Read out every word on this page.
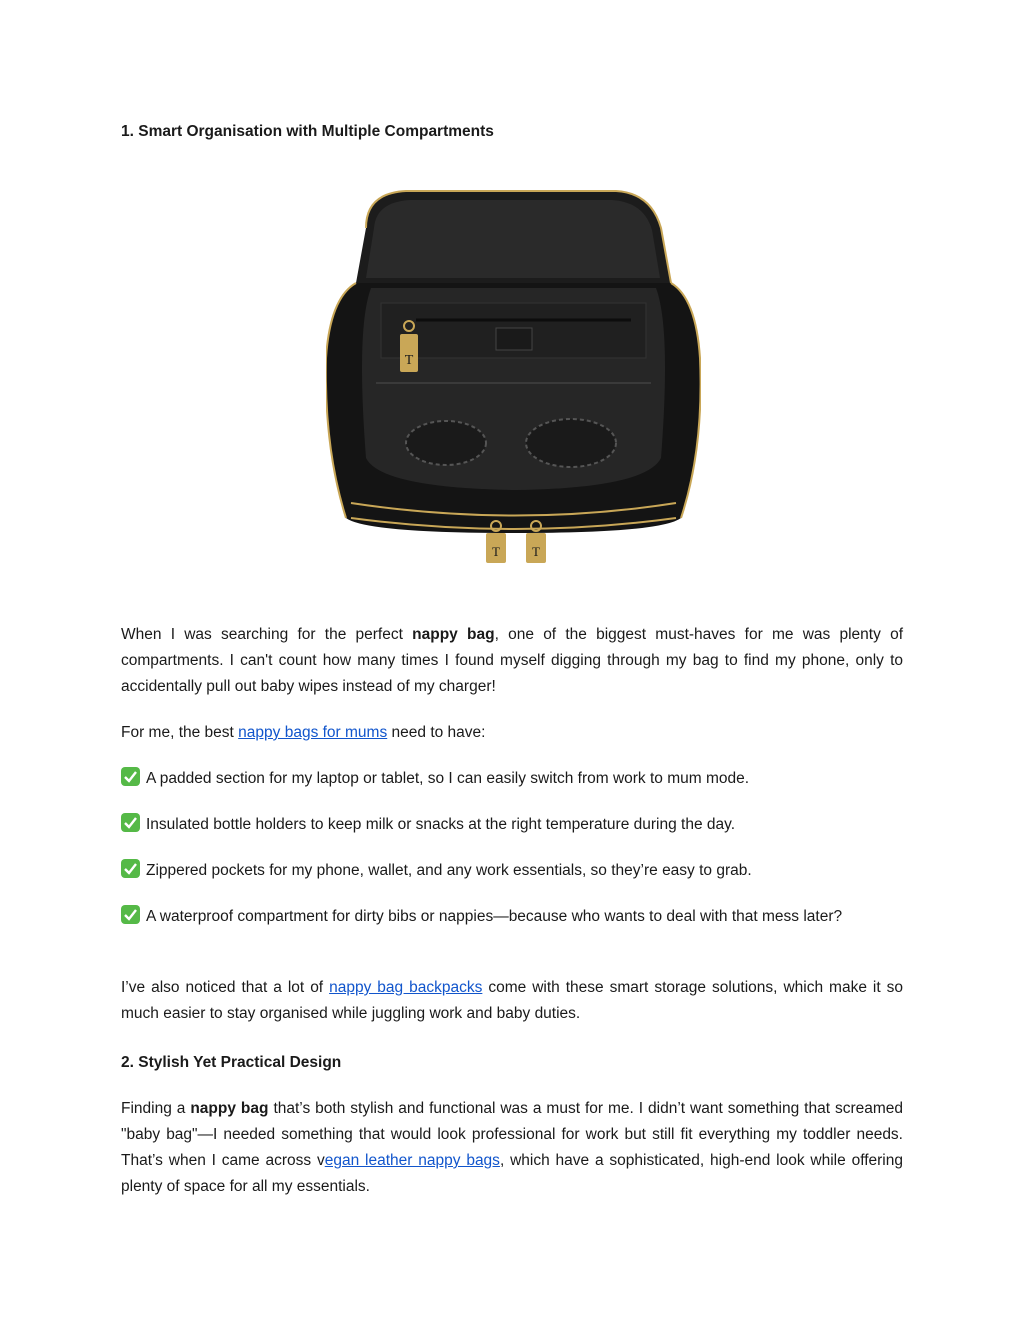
1. Smart Organisation with Multiple Compartments
T
T T

When I was searching for the perfect nappy bag, one of the biggest must-haves for me was plenty of compartments. I can't count how many times I found myself digging through my bag to find my phone, only to accidentally pull out baby wipes instead of my charger!

For me, the best nappy bags for mums need to have:

A padded section for my laptop or tablet, so I can easily switch from work to mum mode.

Insulated bottle holders to keep milk or snacks at the right temperature during the day.

Zippered pockets for my phone, wallet, and any work essentials, so they’re easy to grab.

A waterproof compartment for dirty bibs or nappies—because who wants to deal with that mess later?

I’ve also noticed that a lot of nappy bag backpacks come with these smart storage solutions, which make it so much easier to stay organised while juggling work and baby duties.

2. Stylish Yet Practical Design

Finding a nappy bag that’s both stylish and functional was a must for me. I didn’t want something that screamed "baby bag"—I needed something that would look professional for work but still fit everything my toddler needs. That’s when I came across vegan leather nappy bags, which have a sophisticated, high-end look while offering plenty of space for all my essentials.
